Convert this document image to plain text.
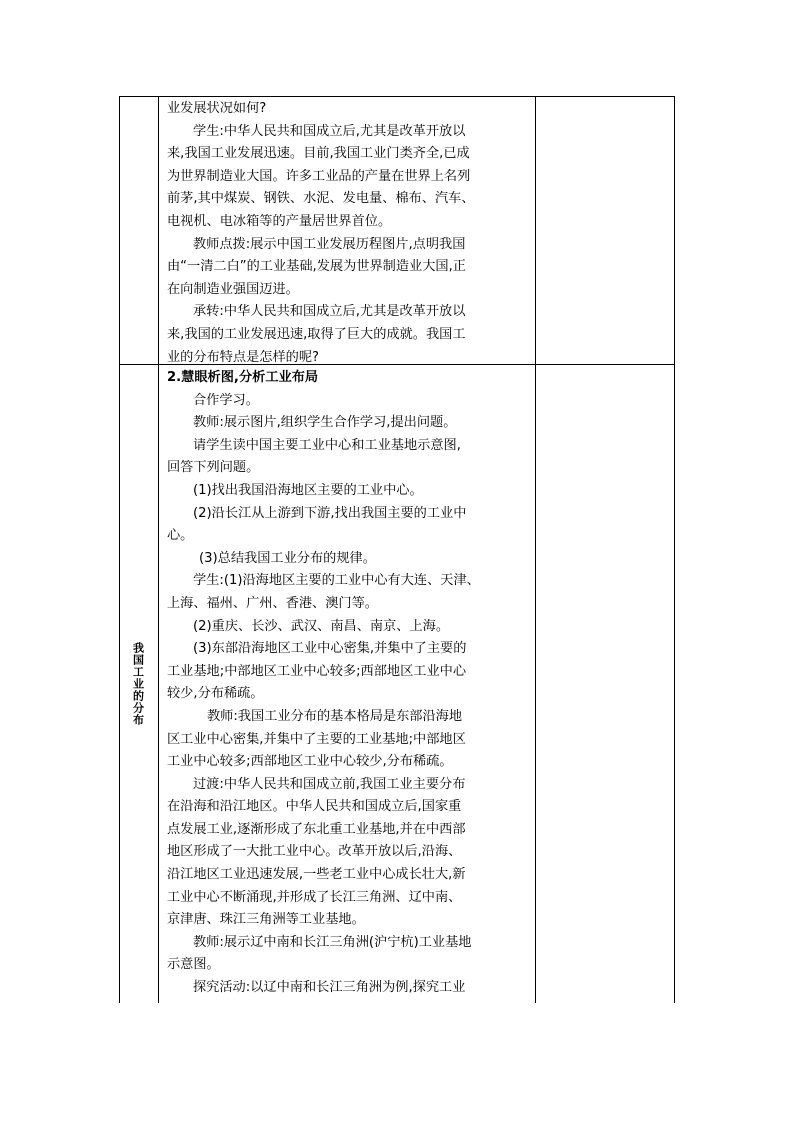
业发展状况如何?

学生:中华人民共和国成立后,尤其是改革开放以

来,我国工业发展迅速。目前,我国工业门类齐全,已成

为世界制造业大国。许多工业品的产量在世界上名列

前茅,其中煤炭、钢铁、水泥、发电量、棉布、汽车、

电视机、电冰箱等的产量居世界首位。

教师点拨:展示中国工业发展历程图片,点明我国

由“一清二白”的工业基础,发展为世界制造业大国,正

在向制造业强国迈进。

承转:中华人民共和国成立后,尤其是改革开放以

来,我国的工业发展迅速,取得了巨大的成就。我国工

业的分布特点是怎样的呢?

我国工业的分布

2.慧眼析图,分析工业布局

合作学习。

教师:展示图片,组织学生合作学习,提出问题。

请学生读中国主要工业中心和工业基地示意图,

回答下列问题。

(1)找出我国沿海地区主要的工业中心。

(2)沿长江从上游到下游,找出我国主要的工业中

心。

(3)总结我国工业分布的规律。

学生:(1)沿海地区主要的工业中心有大连、天津、

上海、福州、广州、香港、澳门等。

(2)重庆、长沙、武汉、南昌、南京、上海。

(3)东部沿海地区工业中心密集,并集中了主要的

工业基地;中部地区工业中心较多;西部地区工业中心

较少,分布稀疏。

教师:我国工业分布的基本格局是东部沿海地

区工业中心密集,并集中了主要的工业基地;中部地区

工业中心较多;西部地区工业中心较少,分布稀疏。

过渡:中华人民共和国成立前,我国工业主要分布

在沿海和沿江地区。中华人民共和国成立后,国家重

点发展工业,逐渐形成了东北重工业基地,并在中西部

地区形成了一大批工业中心。改革开放以后,沿海、

沿江地区工业迅速发展,一些老工业中心成长壮大,新

工业中心不断涌现,并形成了长江三角洲、辽中南、

京津唐、珠江三角洲等工业基地。

教师:展示辽中南和长江三角洲(沪宁杭)工业基地

示意图。

探究活动:以辽中南和长江三角洲为例,探究工业
